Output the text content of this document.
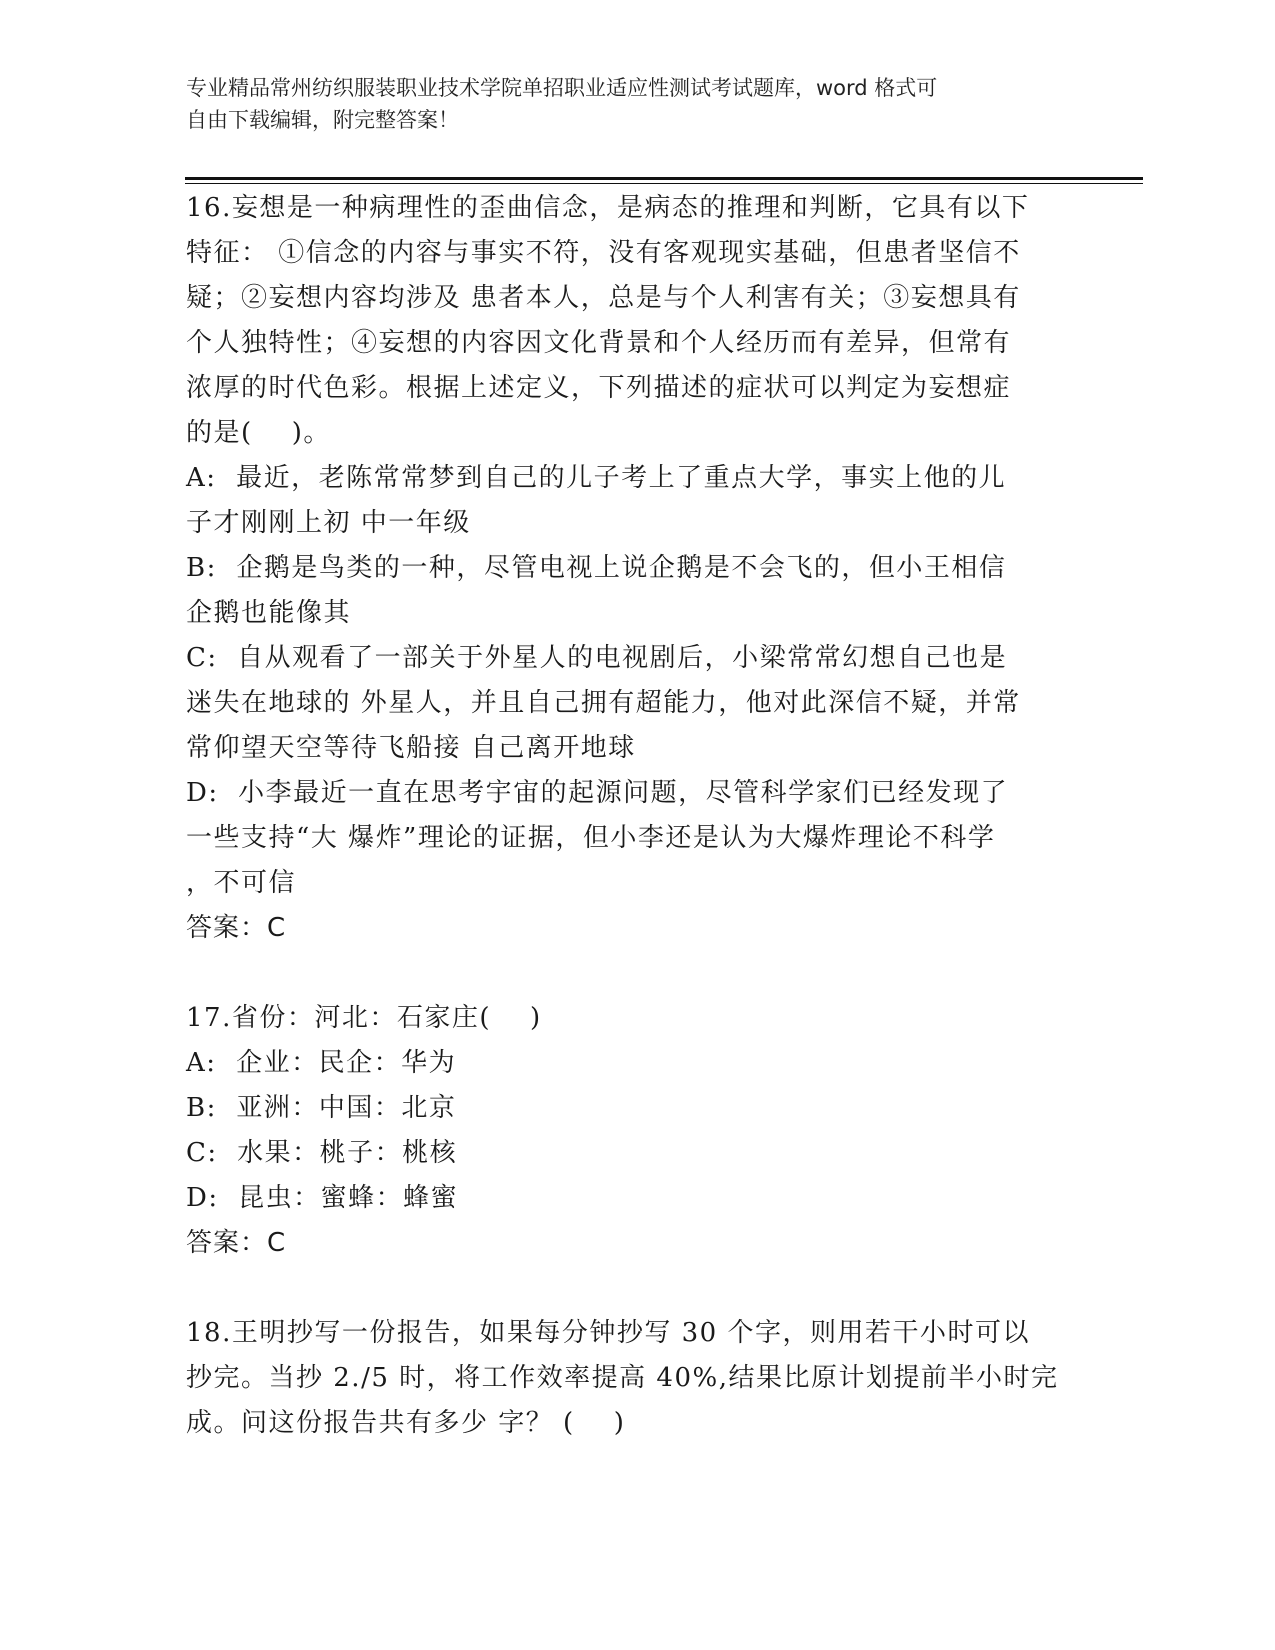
专业精品常州纺织服装职业技术学院单招职业适应性测试考试题库，word 格式可
自由下载编辑，附完整答案！
16.妄想是一种病理性的歪曲信念，是病态的推理和判断，它具有以下
特征： ①信念的内容与事实不符，没有客观现实基础，但患者坚信不
疑；②妄想内容均涉及 患者本人，总是与个人利害有关；③妄想具有
个人独特性；④妄想的内容因文化背景和个人经历而有差异，但常有
浓厚的时代色彩。根据上述定义，下列描述的症状可以判定为妄想症
的是(    )。
A:  最近，老陈常常梦到自己的儿子考上了重点大学，事实上他的儿
子才刚刚上初 中一年级
B:  企鹅是鸟类的一种，尽管电视上说企鹅是不会飞的，但小王相信
企鹅也能像其
C:  自从观看了一部关于外星人的电视剧后，小梁常常幻想自己也是
迷失在地球的 外星人，并且自己拥有超能力，他对此深信不疑，并常
常仰望天空等待飞船接 自己离开地球
D:  小李最近一直在思考宇宙的起源问题，尽管科学家们已经发现了
一些支持“大 爆炸”理论的证据，但小李还是认为大爆炸理论不科学
，不可信
答案：C
17.省份：河北：石家庄(    )
A:  企业：民企：华为
B:  亚洲：中国：北京
C:  水果：桃子：桃核
D:  昆虫：蜜蜂：蜂蜜
答案：C
18.王明抄写一份报告，如果每分钟抄写 30 个字，则用若干小时可以
抄完。当抄 2./5 时，将工作效率提高 40%,结果比原计划提前半小时完
成。问这份报告共有多少 字？ (    )
